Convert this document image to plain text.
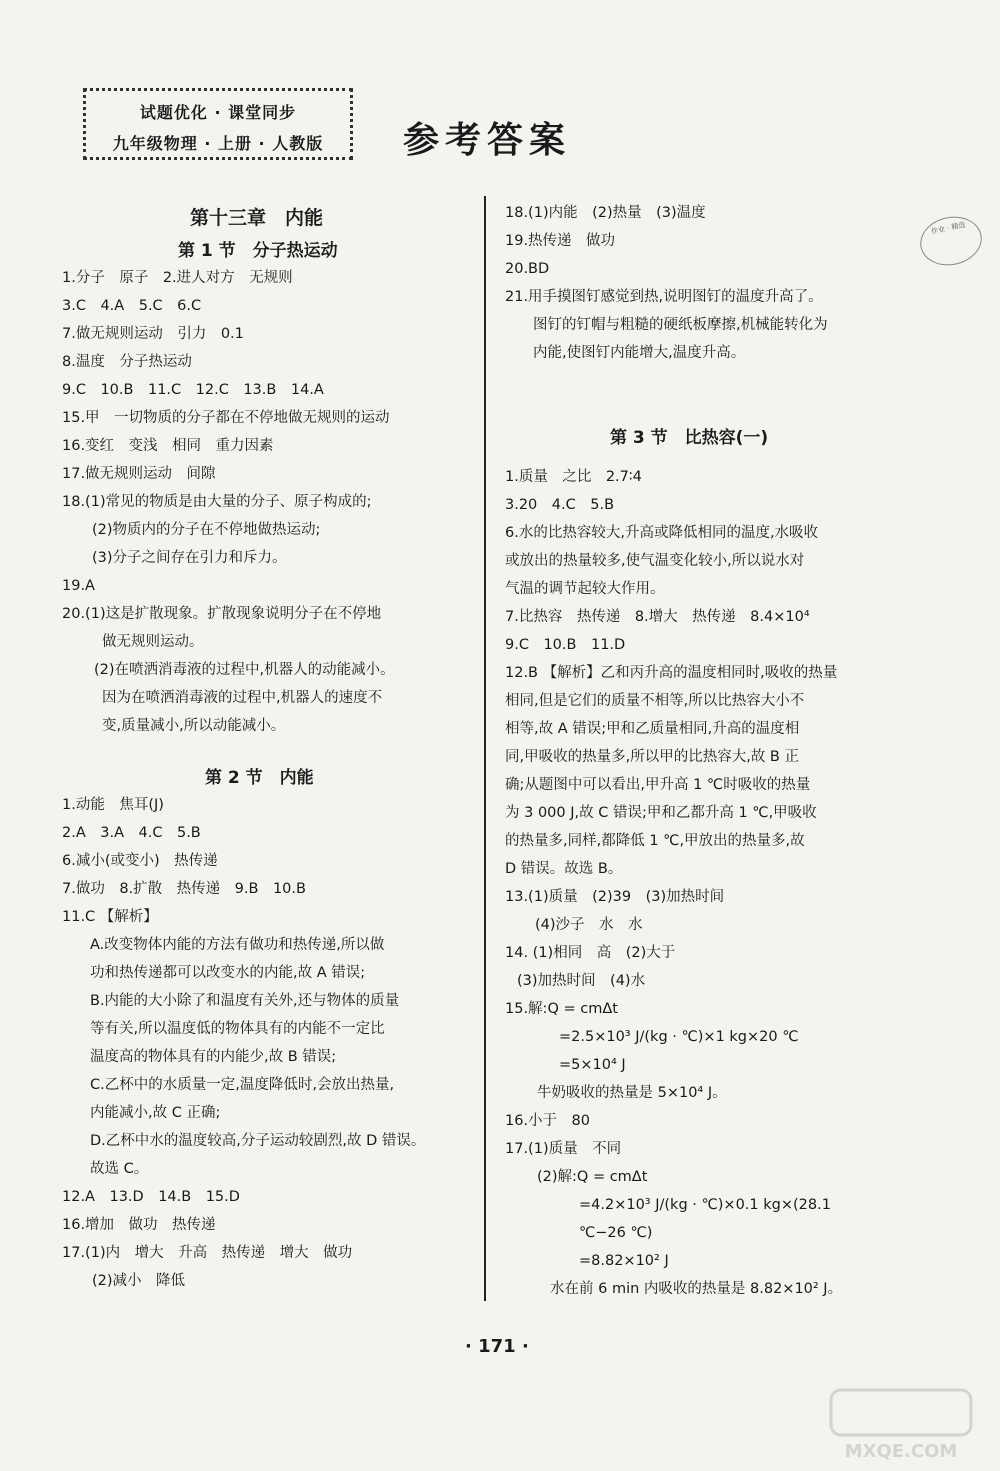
试题优化 · 课堂同步
九年级物理 · 上册 · 人教版	参考答案
作业 · 精选
第十三章　内能
第 1 节　分子热运动
1.分子　原子　2.进人对方　无规则
3.C　4.A　5.C　6.C
7.做无规则运动　引力　0.1
8.温度　分子热运动
9.C　10.B　11.C　12.C　13.B　14.A
15.甲　一切物质的分子都在不停地做无规则的运动
16.变红　变浅　相同　重力因素
17.做无规则运动　间隙
18.(1)常见的物质是由大量的分子、原子构成的;
(2)物质内的分子在不停地做热运动;
(3)分子之间存在引力和斥力。
19.A
20.(1)这是扩散现象。扩散现象说明分子在不停地
做无规则运动。
(2)在喷洒消毒液的过程中,机器人的动能减小。
因为在喷洒消毒液的过程中,机器人的速度不
变,质量减小,所以动能减小。
第 2 节　内能
1.动能　焦耳(J)
2.A　3.A　4.C　5.B
6.减小(或变小)　热传递
7.做功　8.扩散　热传递　9.B　10.B
11.C 【解析】
A.改变物体内能的方法有做功和热传递,所以做
功和热传递都可以改变水的内能,故 A 错误;
B.内能的大小除了和温度有关外,还与物体的质量
等有关,所以温度低的物体具有的内能不一定比
温度高的物体具有的内能少,故 B 错误;
C.乙杯中的水质量一定,温度降低时,会放出热量,
内能减小,故 C 正确;
D.乙杯中水的温度较高,分子运动较剧烈,故 D 错误。
故选 C。
12.A　13.D　14.B　15.D
16.增加　做功　热传递
17.(1)内　增大　升高　热传递　增大　做功
(2)减小　降低
18.(1)内能　(2)热量　(3)温度
19.热传递　做功
20.BD
21.用手摸图钉感觉到热,说明图钉的温度升高了。
图钉的钉帽与粗糙的硬纸板摩擦,机械能转化为
内能,使图钉内能增大,温度升高。
第 3 节　比热容(一)
1.质量　之比　2.7∶4
3.20　4.C　5.B
6.水的比热容较大,升高或降低相同的温度,水吸收
或放出的热量较多,使气温变化较小,所以说水对
气温的调节起较大作用。
7.比热容　热传递　8.增大　热传递　8.4×10⁴
9.C　10.B　11.D
12.B 【解析】乙和丙升高的温度相同时,吸收的热量
相同,但是它们的质量不相等,所以比热容大小不
相等,故 A 错误;甲和乙质量相同,升高的温度相
同,甲吸收的热量多,所以甲的比热容大,故 B 正
确;从题图中可以看出,甲升高 1 ℃时吸收的热量
为 3 000 J,故 C 错误;甲和乙都升高 1 ℃,甲吸收
的热量多,同样,都降低 1 ℃,甲放出的热量多,故
D 错误。故选 B。
13.(1)质量　(2)39　(3)加热时间
(4)沙子　水　水
14. (1)相同　高　(2)大于
(3)加热时间　(4)水
15.解:Q = cmΔt
=2.5×10³ J/(kg · ℃)×1 kg×20 ℃
=5×10⁴ J
牛奶吸收的热量是 5×10⁴ J。
16.小于　80
17.(1)质量　不同
(2)解:Q = cmΔt
=4.2×10³ J/(kg · ℃)×0.1 kg×(28.1
℃−26 ℃)
=8.82×10² J
水在前 6 min 内吸收的热量是 8.82×10² J。
· 171 ·
MXQE.COM
